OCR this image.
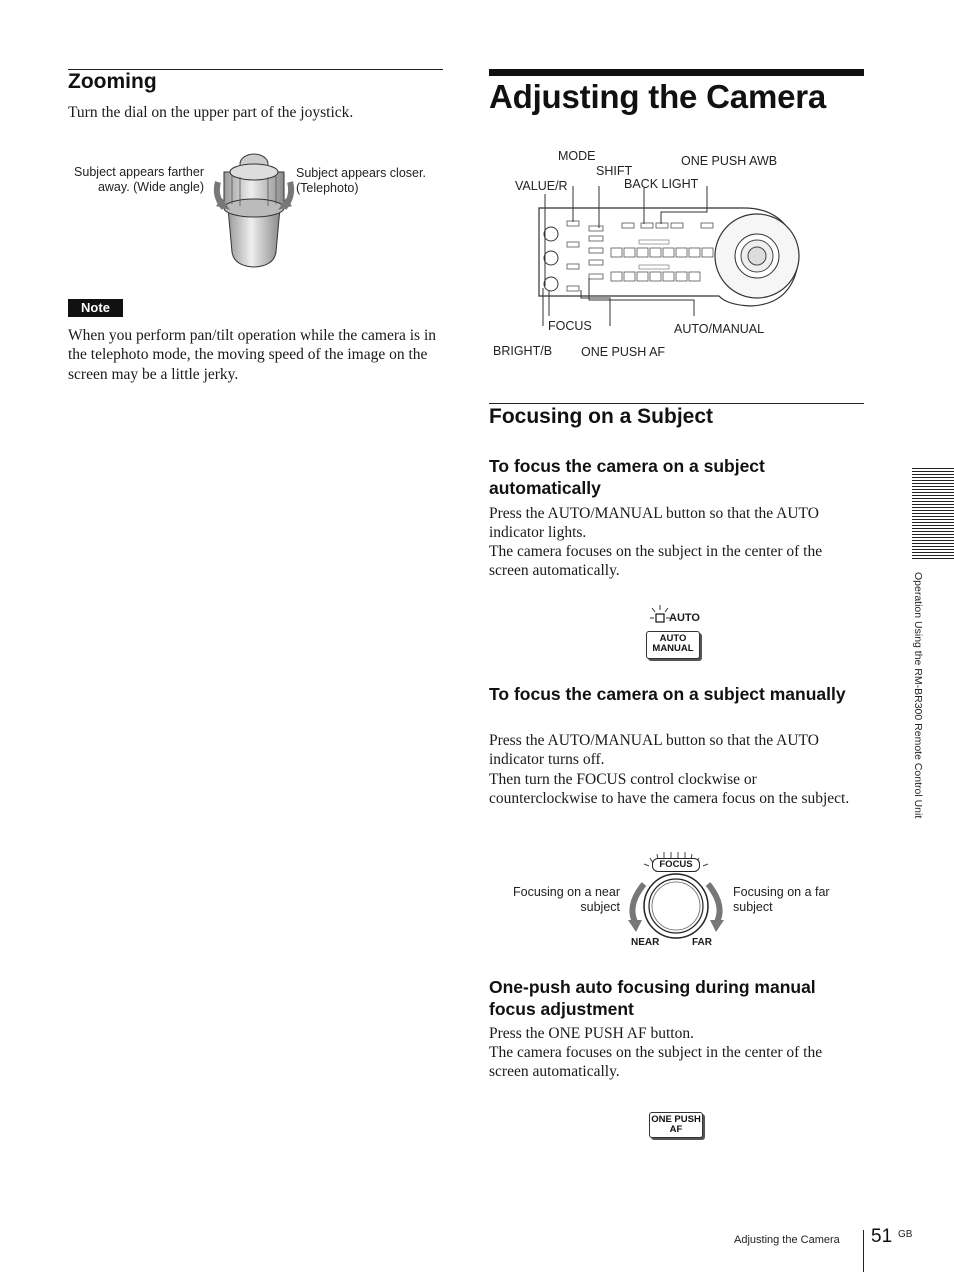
Zooming
Turn the dial on the upper part of the joystick.
Subject appears farther away. (Wide angle)
Subject appears closer. (Telephoto)
Note
When you perform pan/tilt operation while the camera is in the telephoto mode, the moving speed of the image on the screen may be a little jerky.
Adjusting the Camera
MODE
SHIFT
ONE PUSH AWB
VALUE/R	BACK LIGHT
FOCUS	AUTO/MANUAL
BRIGHT/B ONE PUSH AF
Focusing on a Subject
To focus the camera on a subject automatically
Press the AUTO/MANUAL button so that the AUTO indicator lights.
The camera focuses on the subject in the center of the screen automatically.
AUTO
AUTO MANUAL
To focus the camera on a subject manually
Press the AUTO/MANUAL button so that the AUTO indicator turns off.
Then turn the FOCUS control clockwise or counterclockwise to have the camera focus on the subject.
Focusing on a near subject
Focusing on a far subject
FOCUS
NEAR	FAR
One-push auto focusing during manual focus adjustment
Press the ONE PUSH AF button.
The camera focuses on the subject in the center of the screen automatically.
ONE PUSH AF
Operation Using the RM-BR300 Remote Control Unit
Adjusting the Camera 51 GB
